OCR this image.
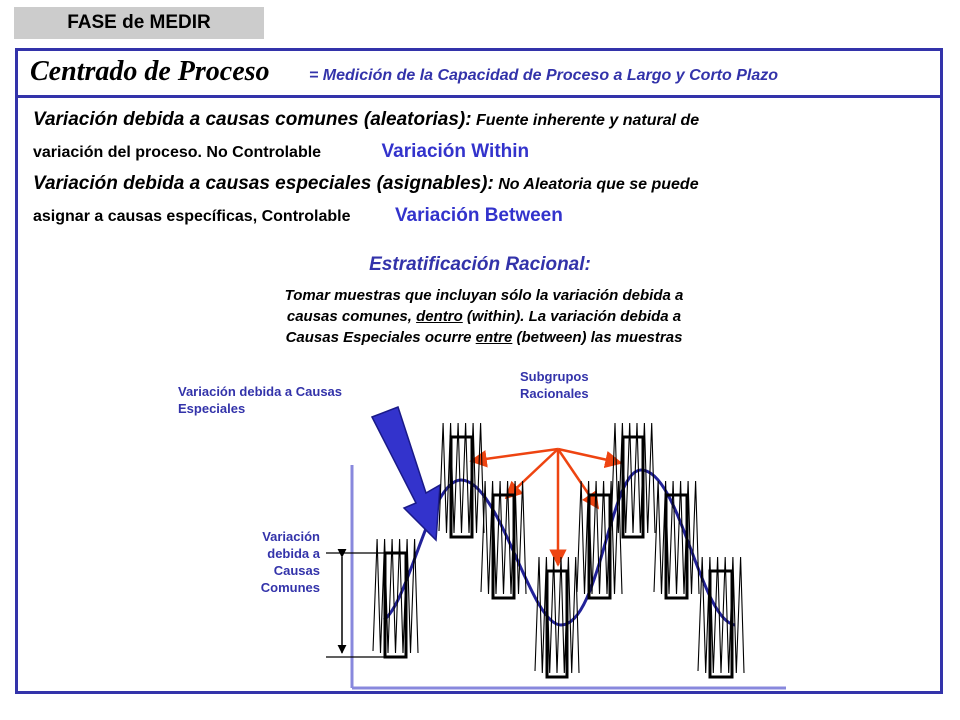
FASE de MEDIR
Centrado de Proceso = Medición de la Capacidad de Proceso a Largo y Corto Plazo
Variación debida a causas comunes (aleatorias): Fuente inherente y natural de
variación del proceso. No Controlable	Variación Within
Variación debida a causas especiales (asignables): No Aleatoria que se puede
asignar a causas específicas, Controlable Variación Between
Estratificación Racional:
Tomar muestras que incluyan sólo la variación debida a
causas comunes, dentro (within). La variación debida a
Causas Especiales ocurre entre (between) las muestras
Variación debida a Causas
Especiales
Subgrupos
Racionales
Variación
debida a
Causas
Comunes
